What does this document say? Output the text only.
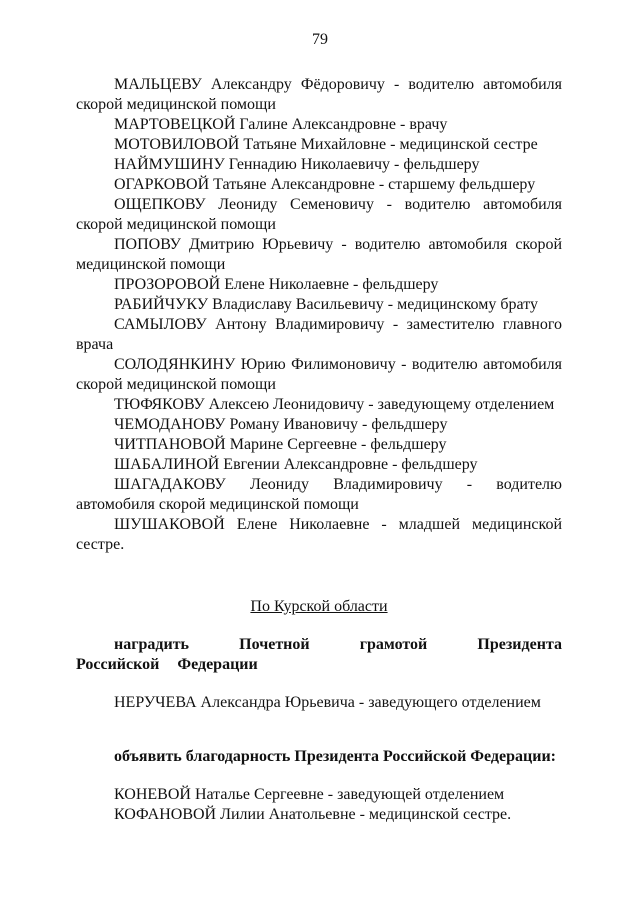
79

МАЛЬЦЕВУ Александру Фёдоровичу - водителю автомобиля скорой медицинской помощи

МАРТОВЕЦКОЙ Галине Александровне - врачу

МОТОВИЛОВОЙ Татьяне Михайловне - медицинской сестре

НАЙМУШИНУ Геннадию Николаевичу - фельдшеру

ОГАРКОВОЙ Татьяне Александровне - старшему фельдшеру

ОЩЕПКОВУ Леониду Семеновичу - водителю автомобиля скорой медицинской помощи

ПОПОВУ Дмитрию Юрьевичу - водителю автомобиля скорой медицинской помощи

ПРОЗОРОВОЙ Елене Николаевне - фельдшеру

РАБИЙЧУКУ Владиславу Васильевичу - медицинскому брату

САМЫЛОВУ Антону Владимировичу - заместителю главного врача

СОЛОДЯНКИНУ Юрию Филимоновичу - водителю автомобиля скорой медицинской помощи

ТЮФЯКОВУ Алексею Леонидовичу - заведующему отделением

ЧЕМОДАНОВУ Роману Ивановичу - фельдшеру

ЧИТПАНОВОЙ Марине Сергеевне - фельдшеру

ШАБАЛИНОЙ Евгении Александровне - фельдшеру

ШАГАДАКОВУ Леониду Владимировичу - водителю автомобиля скорой медицинской помощи

ШУШАКОВОЙ Елене Николаевне - младшей медицинской сестре.

По Курской области
наградить Почетной грамотой Президента Российской Федерации

НЕРУЧЕВА Александра Юрьевича - заведующего отделением

объявить благодарность Президента Российской Федерации:

КОНЕВОЙ Наталье Сергеевне - заведующей отделением

КОФАНОВОЙ Лилии Анатольевне - медицинской сестре.
